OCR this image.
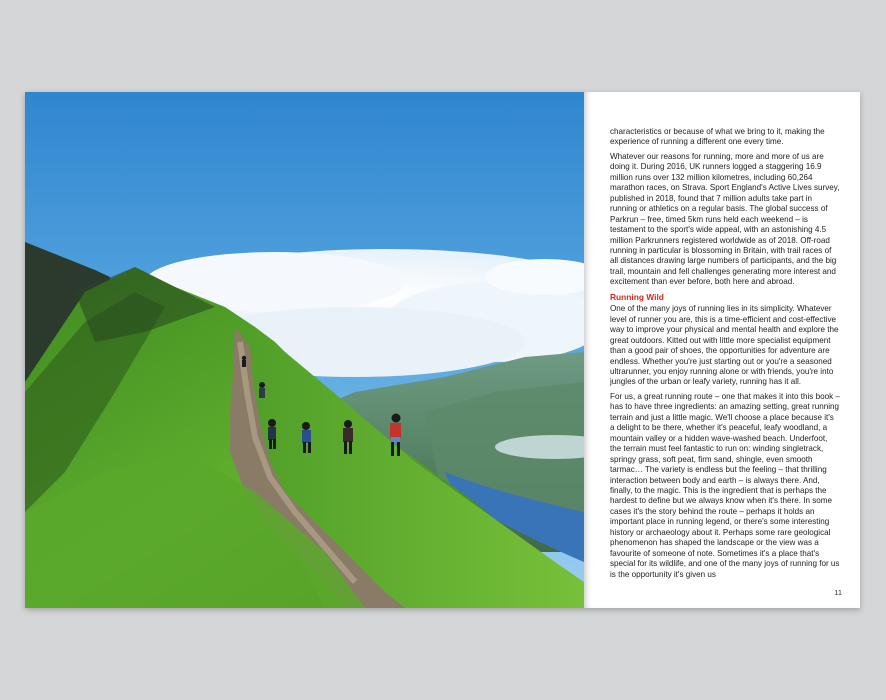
characteristics or because of what we bring to it, making the experience of running a different one every time.

Whatever our reasons for running, more and more of us are doing it. During 2016, UK runners logged a staggering 16.9 million runs over 132 million kilometres, including 60,264 marathon races, on Strava. Sport England's Active Lives survey, published in 2018, found that 7 million adults take part in running or athletics on a regular basis. The global success of Parkrun – free, timed 5km runs held each weekend – is testament to the sport's wide appeal, with an astonishing 4.5 million Parkrunners registered worldwide as of 2018. Off-road running in particular is blossoming in Britain, with trail races of all distances drawing large numbers of participants, and the big trail, mountain and fell challenges generating more interest and excitement than ever before, both here and abroad.

Running Wild

One of the many joys of running lies in its simplicity. Whatever level of runner you are, this is a time-efficient and cost-effective way to improve your physical and mental health and explore the great outdoors. Kitted out with little more specialist equipment than a good pair of shoes, the opportunities for adventure are endless. Whether you're just starting out or you're a seasoned ultrarunner, you enjoy running alone or with friends, you're into jungles of the urban or leafy variety, running has it all.

For us, a great running route – one that makes it into this book – has to have three ingredients: an amazing setting, great running terrain and just a little magic. We'll choose a place because it's a delight to be there, whether it's peaceful, leafy woodland, a mountain valley or a hidden wave-washed beach. Underfoot, the terrain must feel fantastic to run on: winding singletrack, springy grass, soft peat, firm sand, shingle, even smooth tarmac… The variety is endless but the feeling – that thrilling interaction between body and earth – is always there. And, finally, to the magic. This is the ingredient that is perhaps the hardest to define but we always know when it's there. In some cases it's the story behind the route – perhaps it holds an important place in running legend, or there's some interesting history or archaeology about it. Perhaps some rare geological phenomenon has shaped the landscape or the view was a favourite of someone of note. Sometimes it's a place that's special for its wildlife, and one of the many joys of running for us is the opportunity it's given us

11
